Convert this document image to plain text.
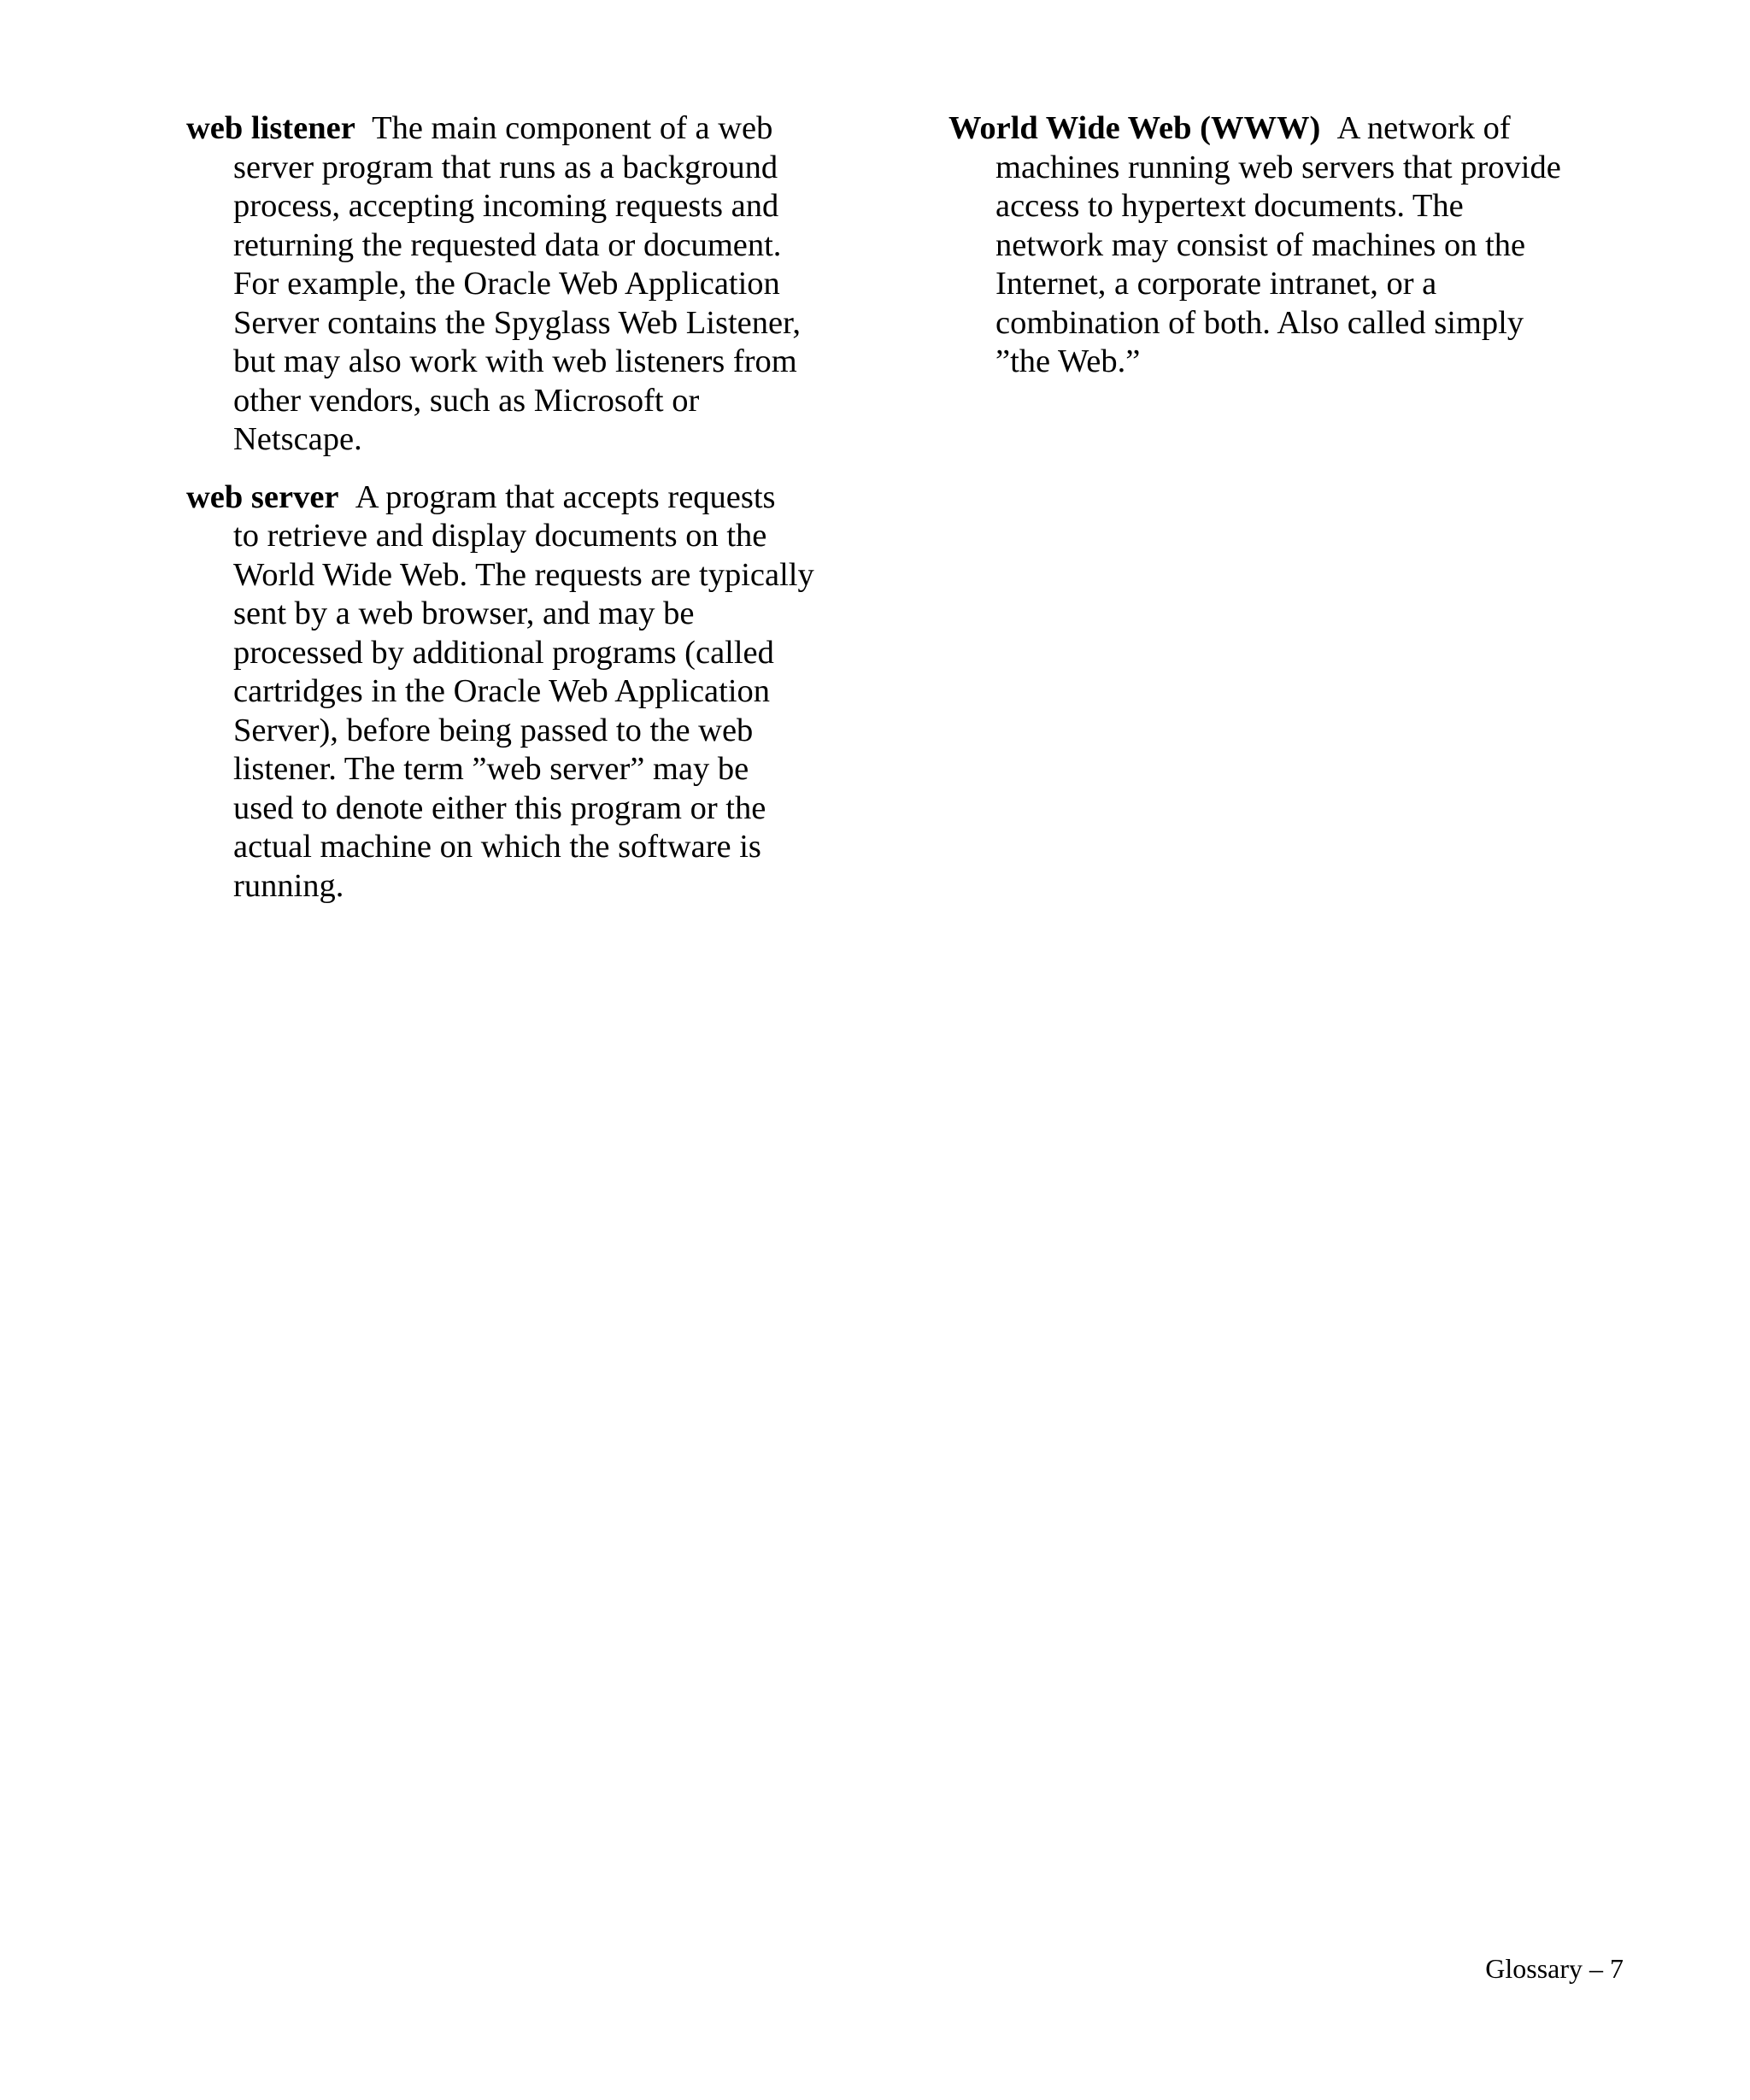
web listener The main component of a web
server program that runs as a background
process, accepting incoming requests and
returning the requested data or document.
For example, the Oracle Web Application
Server contains the Spyglass Web Listener,
but may also work with web listeners from
other vendors, such as Microsoft or
Netscape.
web server A program that accepts requests
to retrieve and display documents on the
World Wide Web. The requests are typically
sent by a web browser, and may be
processed by additional programs (called
cartridges in the Oracle Web Application
Server), before being passed to the web
listener. The term ”web server” may be
used to denote either this program or the
actual machine on which the software is
running.
World Wide Web (WWW) A network of
machines running web servers that provide
access to hypertext documents. The
network may consist of machines on the
Internet, a corporate intranet, or a
combination of both. Also called simply
”the Web.”
Glossary – 7
